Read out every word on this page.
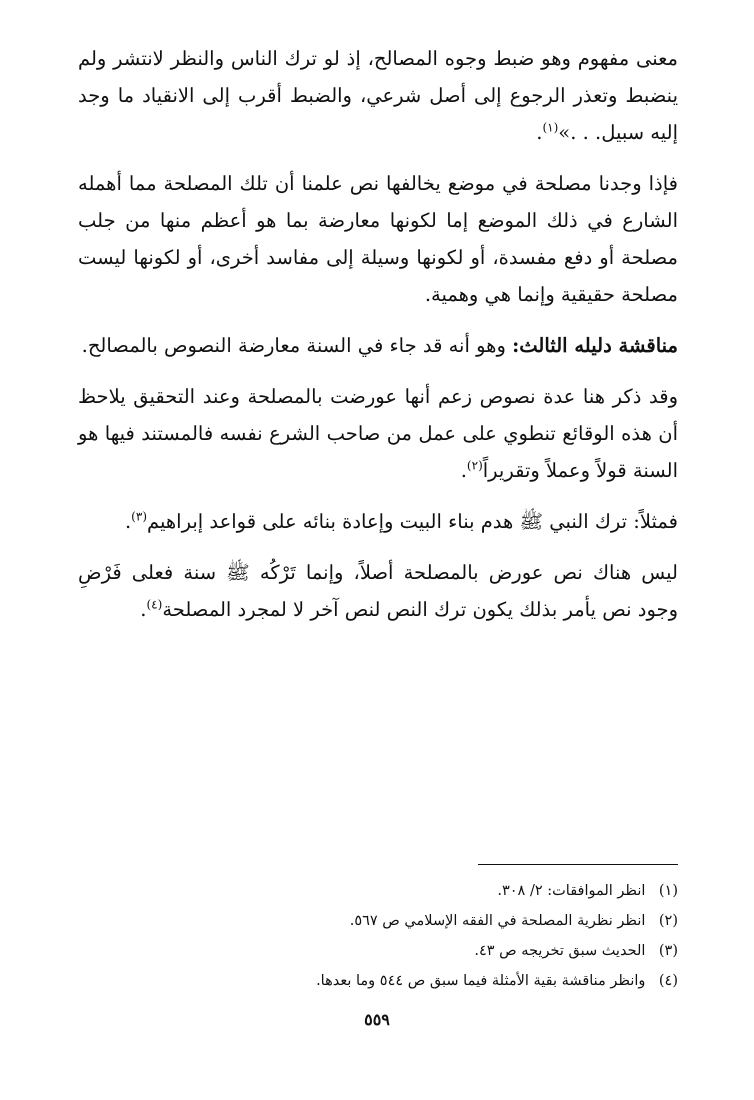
معنى مفهوم وهو ضبط وجوه المصالح، إذ لو ترك الناس والنظر لانتشر ولم ينضبط وتعذر الرجوع إلى أصل شرعي، والضبط أقرب إلى الانقياد ما وجد إليه سبيل. . .»$^{(١)}$.

فإذا وجدنا مصلحة في موضع يخالفها نص علمنا أن تلك المصلحة مما أهمله الشارع في ذلك الموضع إما لكونها معارضة بما هو أعظم منها من جلب مصلحة أو دفع مفسدة، أو لكونها وسيلة إلى مفاسد أخرى، أو لكونها ليست مصلحة حقيقية وإنما هي وهمية.

مناقشة دليله الثالث: وهو أنه قد جاء في السنة معارضة النصوص بالمصالح.

وقد ذكر هنا عدة نصوص زعم أنها عورضت بالمصلحة وعند التحقيق يلاحظ أن هذه الوقائع تنطوي على عمل من صاحب الشرع نفسه فالمستند فيها هو السنة قولاً وعملاً وتقريراً$^{(٢)}$.

فمثلاً: ترك النبي ﷺ هدم بناء البيت وإعادة بنائه على قواعد إبراهيم$^{(٣)}$.

ليس هناك نص عورض بالمصلحة أصلاً، وإنما تَرْكُه ﷺ سنة فعلى فَرْضِ وجود نص يأمر بذلك يكون ترك النص لنص آخر لا لمجرد المصلحة$^{(٤)}$.

(١) انظر الموافقات: ٢/ ٣٠٨.
(٢) انظر نظرية المصلحة في الفقه الإسلامي ص ٥٦٧.
(٣) الحديث سبق تخريجه ص ٤٣.
(٤) وانظر مناقشة بقية الأمثلة فيما سبق ص ٥٤٤ وما بعدها.
٥٥٩
